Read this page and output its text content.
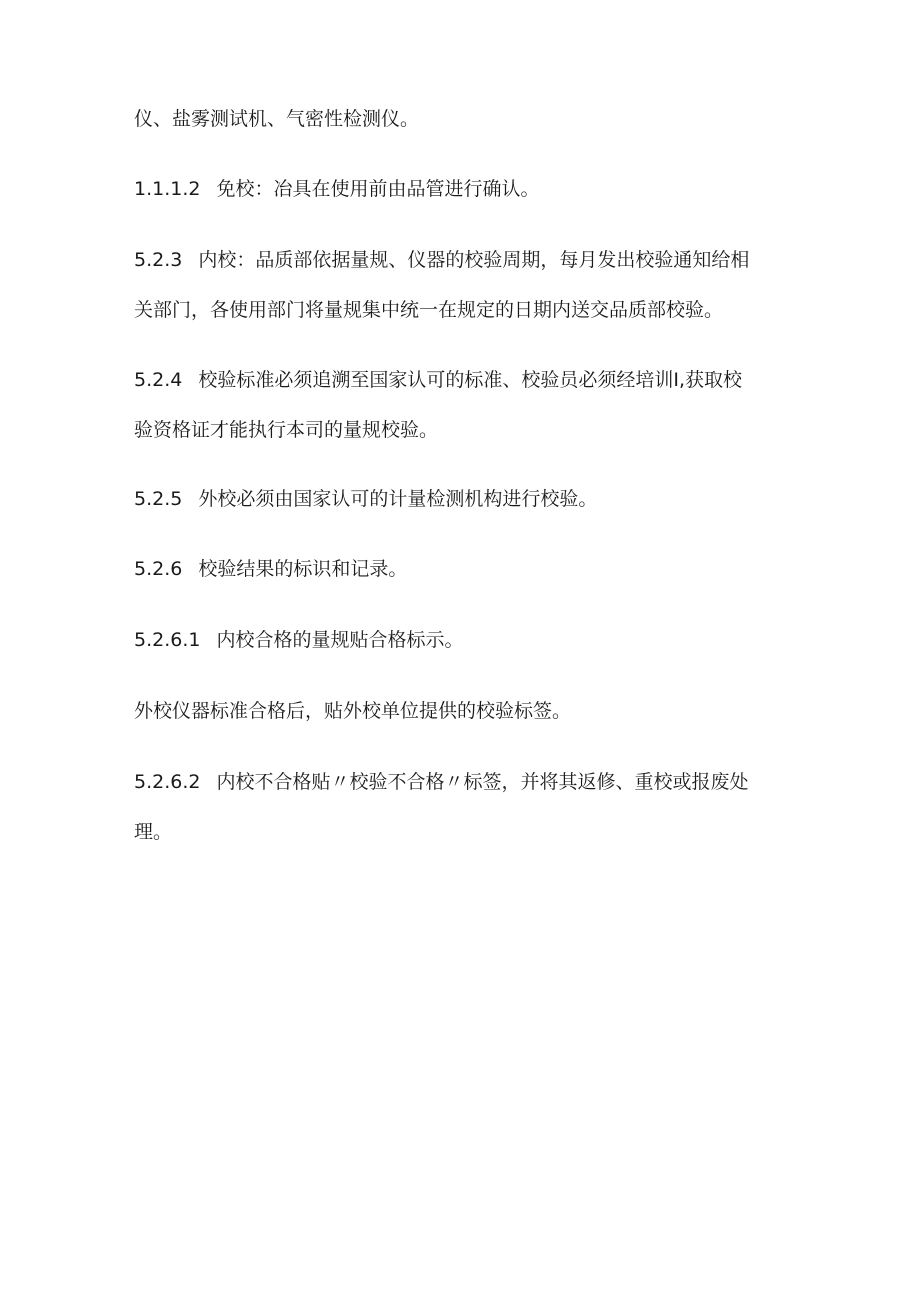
仪、盐雾测试机、气密性检测仪。

1.1.1.2 免校：冶具在使用前由品管进行确认。

5.2.3 内校：品质部依据量规、仪器的校验周期，每月发出校验通知给相
关部门，各使用部门将量规集中统一在规定的日期内送交品质部校验。

5.2.4 校验标准必须追溯至国家认可的标准、校验员必须经培训I,获取校
验资格证才能执行本司的量规校验。

5.2.5 外校必须由国家认可的计量检测机构进行校验。

5.2.6 校验结果的标识和记录。

5.2.6.1 内校合格的量规贴合格标示。

外校仪器标准合格后，贴外校单位提供的校验标签。

5.2.6.2 内校不合格贴〃校验不合格〃标签，并将其返修、重校或报废处
理。
